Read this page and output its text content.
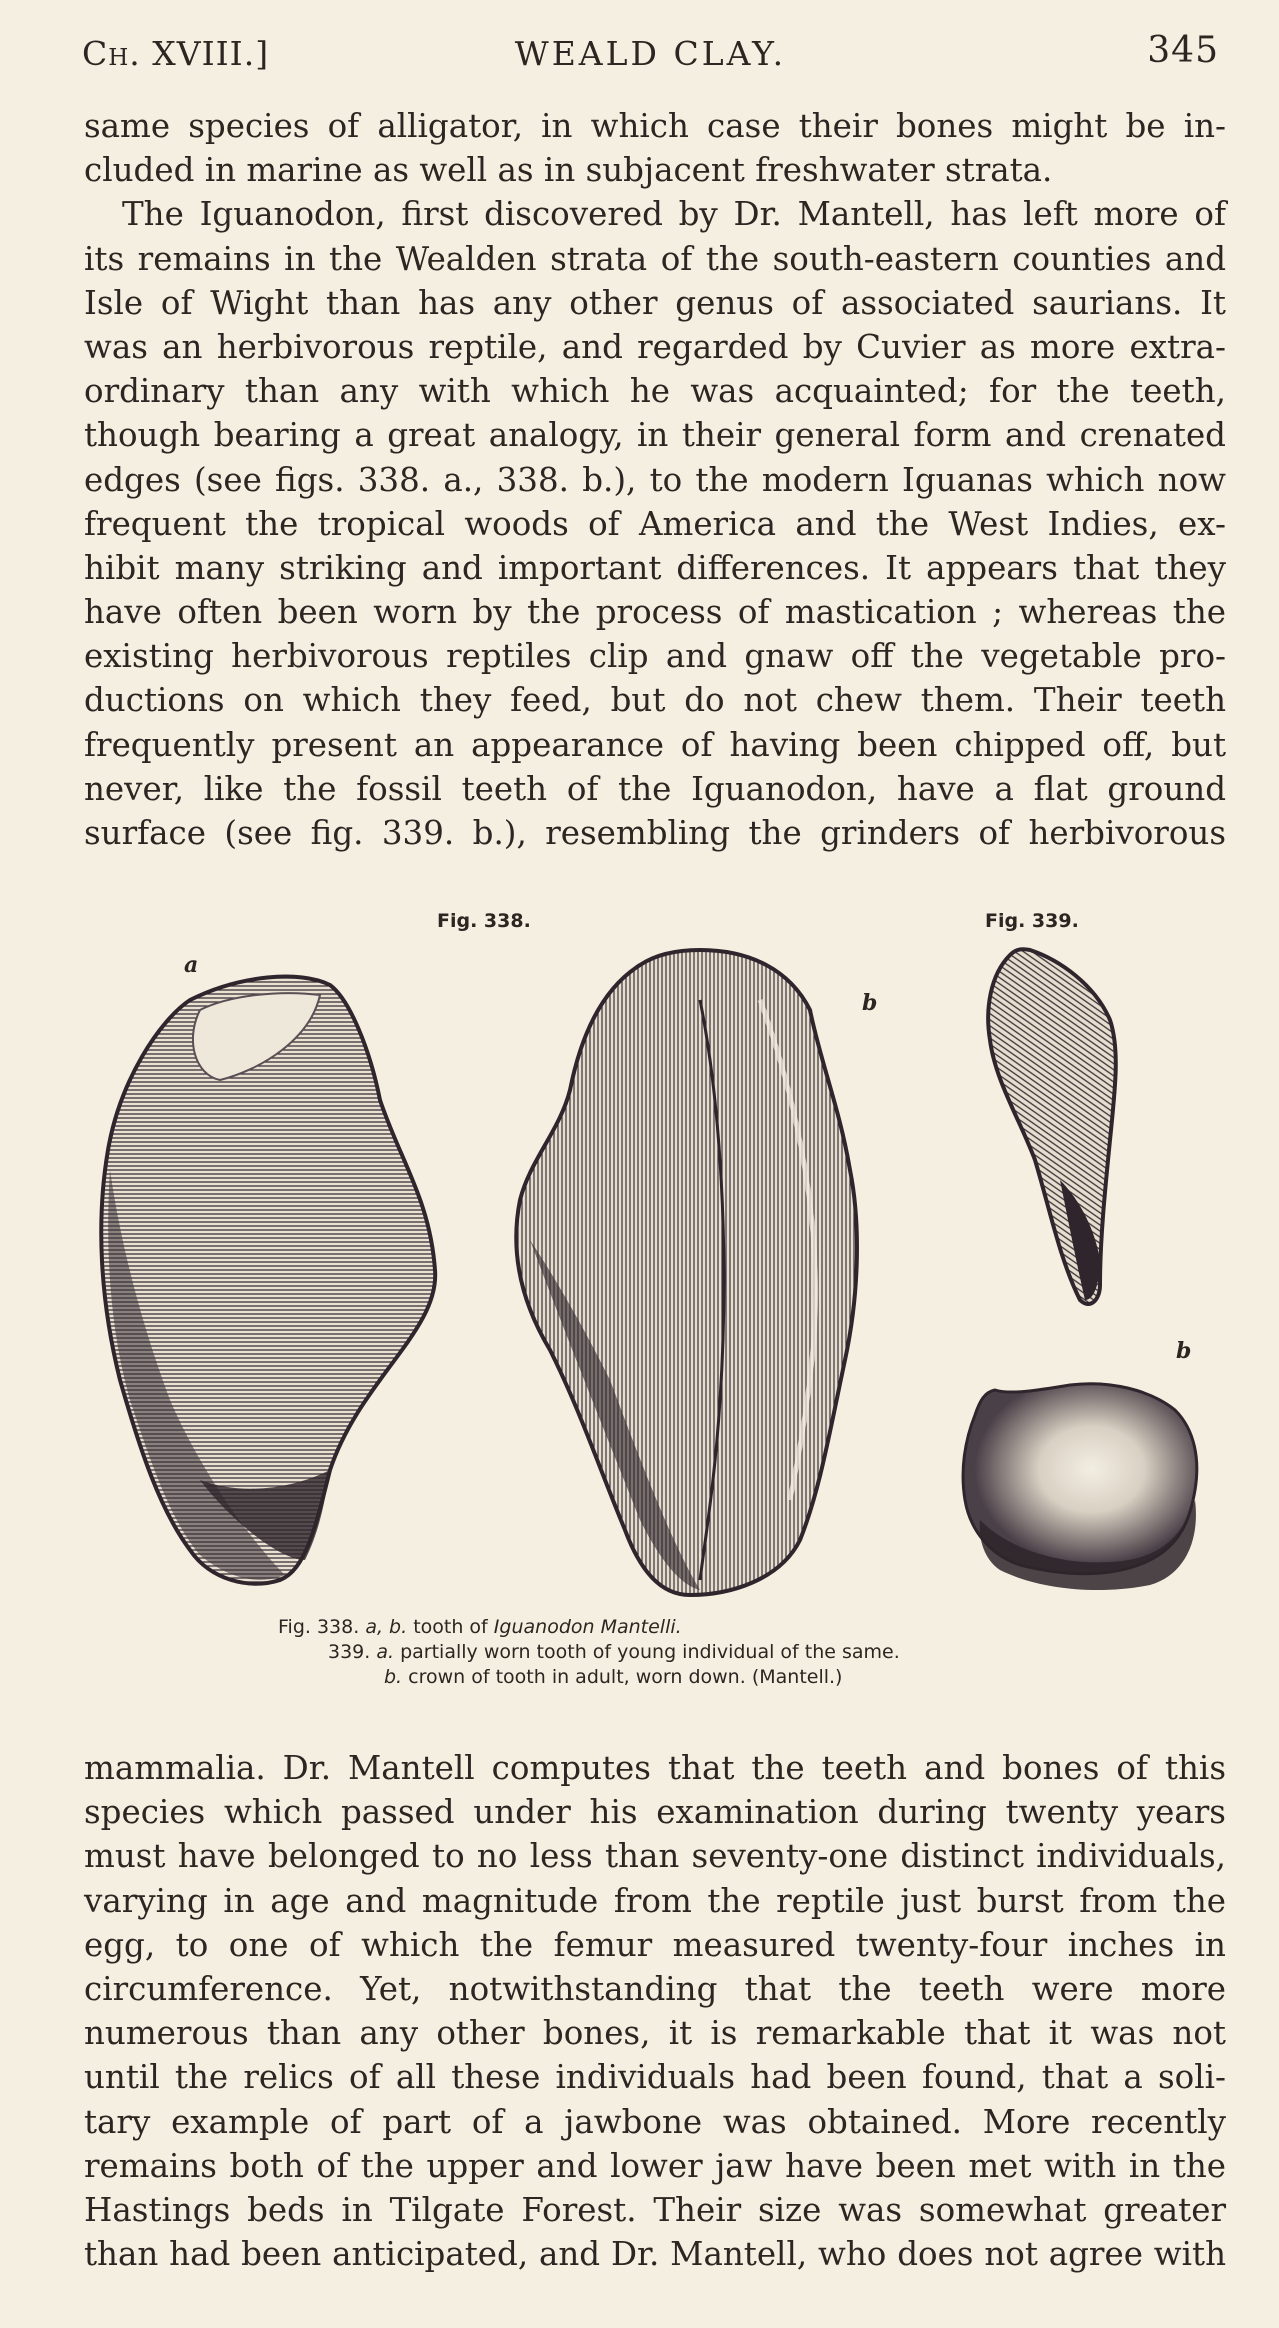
Ch. XVIII.]	WEALD CLAY.	345
same species of alligator, in which case their bones might be in-
cluded in marine as well as in subjacent freshwater strata.
The Iguanodon, first discovered by Dr. Mantell, has left more of
its remains in the Wealden strata of the south-eastern counties and
Isle of Wight than has any other genus of associated saurians. It
was an herbivorous reptile, and regarded by Cuvier as more extra-
ordinary than any with which he was acquainted; for the teeth,
though bearing a great analogy, in their general form and crenated
edges (see figs. 338. a., 338. b.), to the modern Iguanas which now
frequent the tropical woods of America and the West Indies, ex-
hibit many striking and important differences. It appears that they
have often been worn by the process of mastication ; whereas the
existing herbivorous reptiles clip and gnaw off the vegetable pro-
ductions on which they feed, but do not chew them. Their teeth
frequently present an appearance of having been chipped off, but
never, like the fossil teeth of the Iguanodon, have a flat ground
surface (see fig. 339. b.), resembling the grinders of herbivorous
Fig. 338.	Fig. 339.
a
b
b
Fig. 338. a, b. tooth of Iguanodon Mantelli.
339. a. partially worn tooth of young individual of the same.
b. crown of tooth in adult, worn down. (Mantell.)
mammalia. Dr. Mantell computes that the teeth and bones of this
species which passed under his examination during twenty years
must have belonged to no less than seventy-one distinct individuals,
varying in age and magnitude from the reptile just burst from the
egg, to one of which the femur measured twenty-four inches in
circumference. Yet, notwithstanding that the teeth were more
numerous than any other bones, it is remarkable that it was not
until the relics of all these individuals had been found, that a soli-
tary example of part of a jawbone was obtained. More recently
remains both of the upper and lower jaw have been met with in the
Hastings beds in Tilgate Forest. Their size was somewhat greater
than had been anticipated, and Dr. Mantell, who does not agree with
